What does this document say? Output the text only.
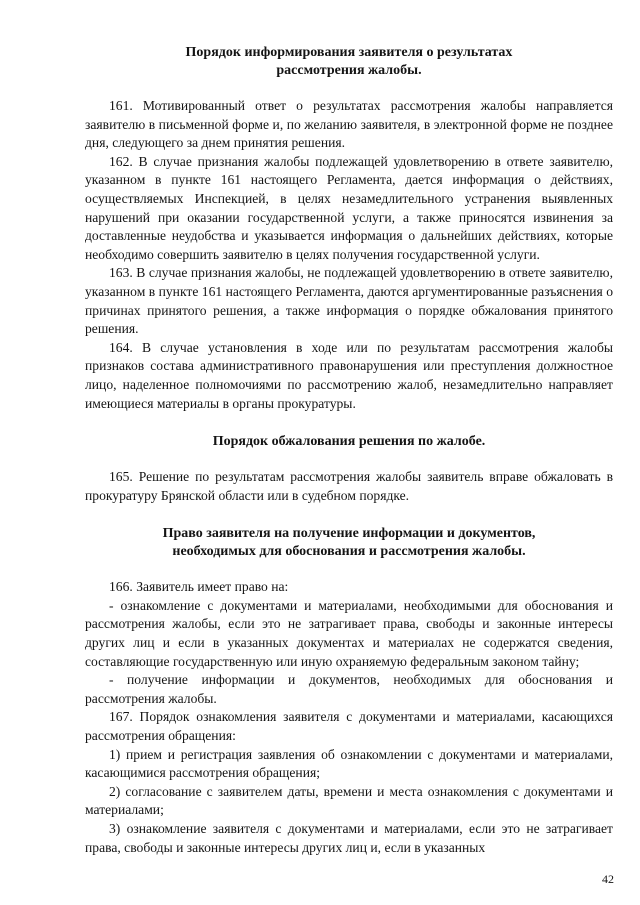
Порядок информирования заявителя о результатах
рассмотрения жалобы.

161. Мотивированный ответ о результатах рассмотрения жалобы направляется заявителю в письменной форме и, по желанию заявителя, в электронной форме не позднее дня, следующего за днем принятия решения.

162. В случае признания жалобы подлежащей удовлетворению в ответе заявителю, указанном в пункте 161 настоящего Регламента, дается информация о действиях, осуществляемых Инспекцией, в целях незамедлительного устранения выявленных нарушений при оказании государственной услуги, а также приносятся извинения за доставленные неудобства и указывается информация о дальнейших действиях, которые необходимо совершить заявителю в целях получения государственной услуги.

163. В случае признания жалобы, не подлежащей удовлетворению в ответе заявителю, указанном в пункте 161 настоящего Регламента, даются аргументированные разъяснения о причинах принятого решения, а также информация о порядке обжалования принятого решения.

164. В случае установления в ходе или по результатам рассмотрения жалобы признаков состава административного правонарушения или преступления должностное лицо, наделенное полномочиями по рассмотрению жалоб, незамедлительно направляет имеющиеся материалы в органы прокуратуры.

Порядок обжалования решения по жалобе.

165. Решение по результатам рассмотрения жалобы заявитель вправе обжаловать в прокуратуру Брянской области или в судебном порядке.

Право заявителя на получение информации и документов,
необходимых для обоснования и рассмотрения жалобы.

166. Заявитель имеет право на:

- ознакомление с документами и материалами, необходимыми для обоснования и рассмотрения жалобы, если это не затрагивает права, свободы и законные интересы других лиц и если в указанных документах и материалах не содержатся сведения, составляющие государственную или иную охраняемую федеральным законом тайну;

- получение информации и документов, необходимых для обоснования и рассмотрения жалобы.

167. Порядок ознакомления заявителя с документами и материалами, касающихся рассмотрения обращения:

1) прием и регистрация заявления об ознакомлении с документами и материалами, касающимися рассмотрения обращения;

2) согласование с заявителем даты, времени и места ознакомления с документами и материалами;

3) ознакомление заявителя с документами и материалами, если это не затрагивает права, свободы и законные интересы других лиц и, если в указанных

42
